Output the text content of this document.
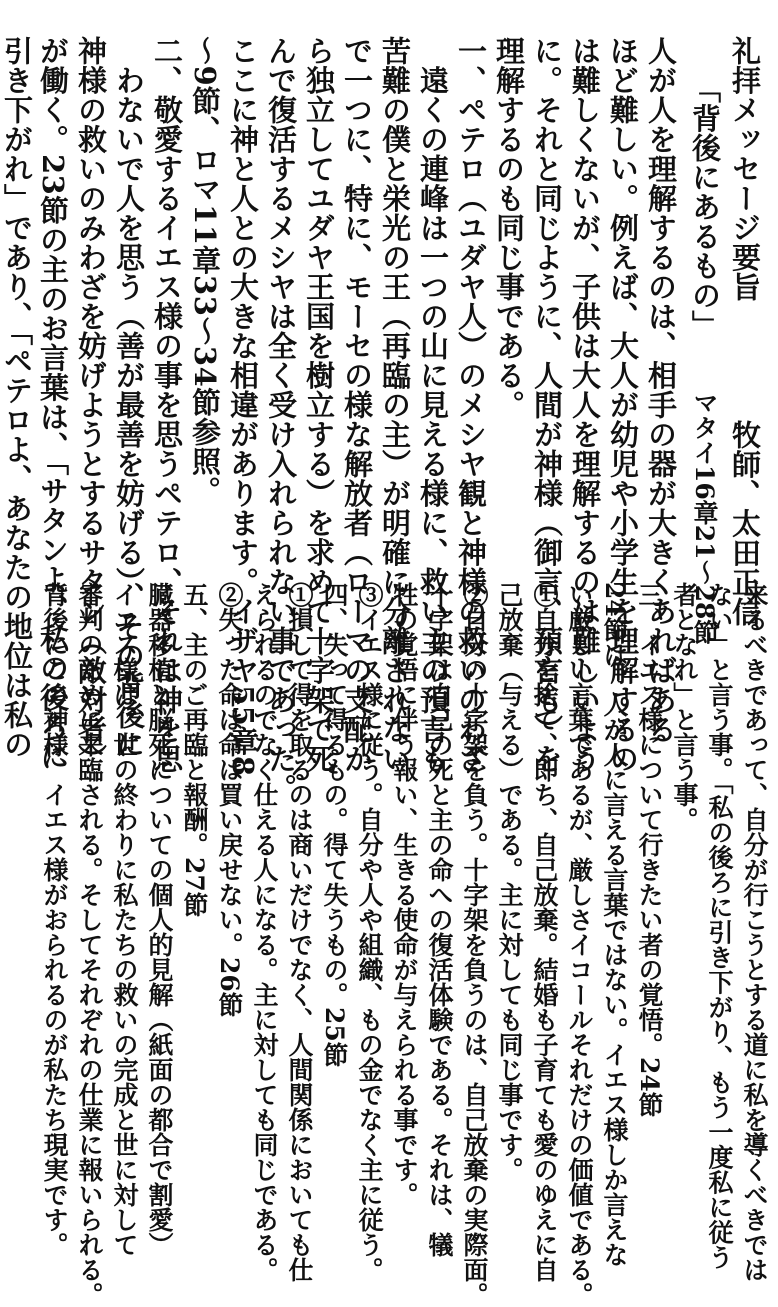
礼拝メッセージ要旨
牧師、太田正信
「背後にあるもの」
マタイ16章21～28節
人が人を理解するのは、相手の器が大きくあればある
ほど難しい。例えば、大人が幼児や小学生を理解するの
は難しくないが、子供は大人を理解するのは難しいよう
に。それと同じように、人間が神様（御言、預言も）を
理解するのも同じ事である。
一、ペテロ（ユダヤ人）のメシヤ観と神様の救いのわざ
　遠くの連峰は一つの山に見える様に、救い主の預言も
苦難の僕と栄光の王（再臨の主）が明確に分離されない
で一つに、特に、モーセの様な解放者（ローマの支配か
ら独立してユダヤ王国を樹立する）を求めて十字架で死
んで復活するメシヤは全く受け入れられない事であった。
ここに神と人との大きな相違があります。イザヤ55章8
～9節、ロマ11章33～34節参照。
二、敬愛するイエス様の事を思うペテロ、それは神を思
　わないで人を思う（善が最善を妨げる）、その背後に
神様の救いのみわざを妨げようとするサタン（敵対者）
が働く。23節の主のお言葉は、「サタンよ、私の後ろに
引き下がれ」であり、「ペテロよ、あなたの地位は私の
来るべきであって、自分が行こうとする道に私を導くべきでは
ない」と言う事。「私の後ろに引き下がり、もう一度私に従う
者となれ」と言う事。
三、イエス様について行きたい者の覚悟。24節
24節は、人が人に言える言葉ではない。イエス様しか言えな
い厳しい言葉であるが、厳しさイコールそれだけの価値である。
①自分を捨て、即ち、自己放棄。結婚も子育ても愛のゆえに自
己放棄（与える）である。主に対しても同じ事です。
②自分の十字架を負う。十字架を負うのは、自己放棄の実際面。
十字架は自己の死と主の命への復活体験である。それは、犠
牲の覚悟に伴う報い、生きる使命が与えられる事です。
③イエス様に従う。自分や人や組織、もの金でなく主に従う。
四、失って得るもの。得て失うもの。25節
①損して得を取るのは商いだけでなく、人間関係においても仕
えられるのでなく仕える人になる。主に対しても同じである。
②失った命は命は買い戻せない。26節
五、主のご再臨と報酬。27節
臓器移植と脳死についての個人的見解（紙面の都合で割愛）
イエス様は、世の終わりに私たちの救いの完成と世に対して
審判のために来臨される。そしてそれぞれの仕業に報いられる。
背後にこの神様、イエス様がおられるのが私たち現実です。
